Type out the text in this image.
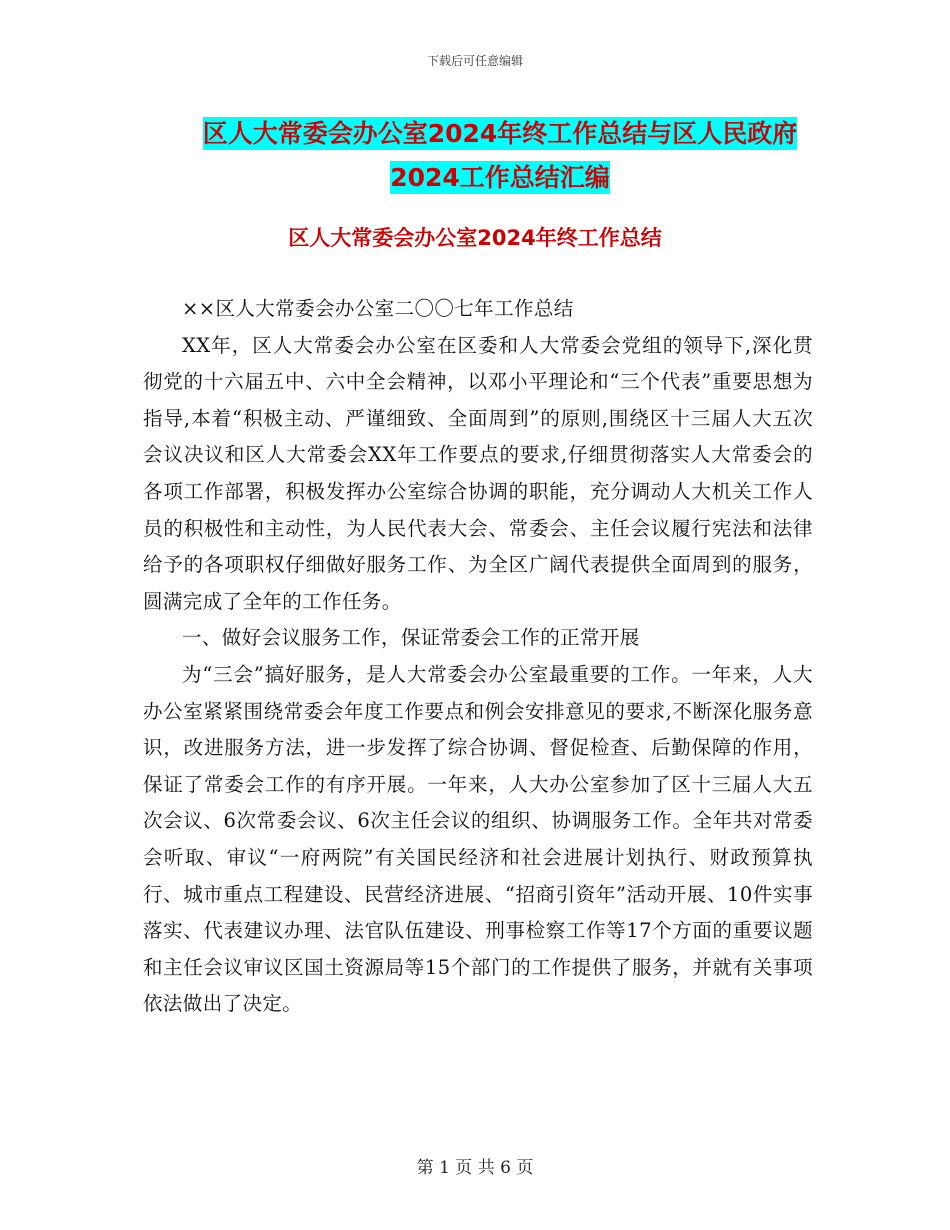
下载后可任意编辑
区人大常委会办公室2024年终工作总结与区人民政府
2024工作总结汇编
区人大常委会办公室2024年终工作总结

××区人大常委会办公室二〇〇七年工作总结

XX年，区人大常委会办公室在区委和人大常委会党组的领导下,深化贯彻党的十六届五中、六中全会精神，以邓小平理论和“三个代表”重要思想为指导,本着“积极主动、严谨细致、全面周到”的原则,围绕区十三届人大五次会议决议和区人大常委会XX年工作要点的要求,仔细贯彻落实人大常委会的各项工作部署，积极发挥办公室综合协调的职能，充分调动人大机关工作人员的积极性和主动性，为人民代表大会、常委会、主任会议履行宪法和法律给予的各项职权仔细做好服务工作、为全区广阔代表提供全面周到的服务，圆满完成了全年的工作任务。

一、做好会议服务工作，保证常委会工作的正常开展

为“三会”搞好服务，是人大常委会办公室最重要的工作。一年来，人大办公室紧紧围绕常委会年度工作要点和例会安排意见的要求,不断深化服务意识，改进服务方法，进一步发挥了综合协调、督促检查、后勤保障的作用，保证了常委会工作的有序开展。一年来，人大办公室参加了区十三届人大五次会议、6次常委会议、6次主任会议的组织、协调服务工作。全年共对常委会听取、审议“一府两院”有关国民经济和社会进展计划执行、财政预算执行、城市重点工程建设、民营经济进展、“招商引资年”活动开展、10件实事落实、代表建议办理、法官队伍建设、刑事检察工作等17个方面的重要议题和主任会议审议区国土资源局等15个部门的工作提供了服务，并就有关事项依法做出了决定。

第 1 页 共 6 页
